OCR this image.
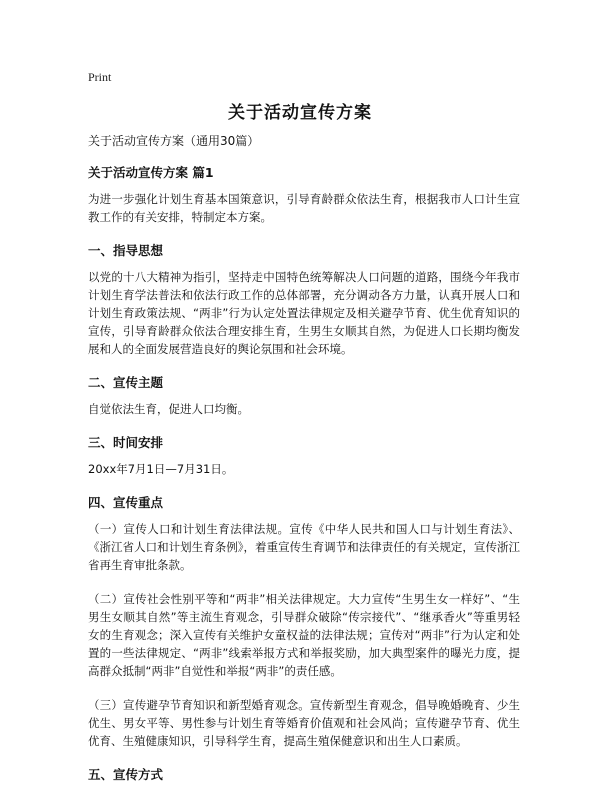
Print
关于活动宣传方案
关于活动宣传方案（通用30篇）
关于活动宣传方案 篇1
为进一步强化计划生育基本国策意识，引导育龄群众依法生育，根据我市人口计生宣教工作的有关安排，特制定本方案。
一、指导思想
以党的十八大精神为指引，坚持走中国特色统筹解决人口问题的道路，围绕今年我市计划生育学法普法和依法行政工作的总体部署，充分调动各方力量，认真开展人口和计划生育政策法规、“两非”行为认定处置法律规定及相关避孕节育、优生优育知识的宣传，引导育龄群众依法合理安排生育，生男生女顺其自然，为促进人口长期均衡发展和人的全面发展营造良好的舆论氛围和社会环境。
二、宣传主题
自觉依法生育，促进人口均衡。
三、时间安排
20xx年7月1日—7月31日。
四、宣传重点
（一）宣传人口和计划生育法律法规。宣传《中华人民共和国人口与计划生育法》、《浙江省人口和计划生育条例》，着重宣传生育调节和法律责任的有关规定，宣传浙江省再生育审批条款。
（二）宣传社会性别平等和“两非”相关法律规定。大力宣传“生男生女一样好”、“生男生女顺其自然”等主流生育观念，引导群众破除“传宗接代”、“继承香火”等重男轻女的生育观念；深入宣传有关维护女童权益的法律法规；宣传对“两非”行为认定和处置的一些法律规定、“两非”线索举报方式和举报奖励，加大典型案件的曝光力度，提高群众抵制“两非”自觉性和举报“两非”的责任感。
（三）宣传避孕节育知识和新型婚育观念。宣传新型生育观念，倡导晚婚晚育、少生优生、男女平等、男性参与计划生育等婚育价值观和社会风尚；宣传避孕节育、优生优育、生殖健康知识，引导科学生育，提高生殖保健意识和出生人口素质。
五、宣传方式
